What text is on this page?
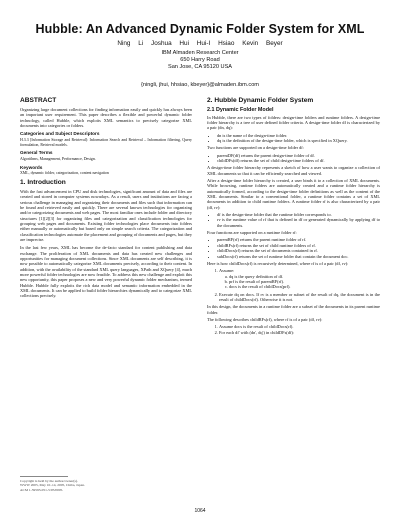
Hubble: An Advanced Dynamic Folder System for XML
Ning Li Joshua Hui Hui-I Hsiao Kevin Beyer
IBM Almaden Research Center
650 Harry Road
San Jose, CA 95120 USA
{ningli, jhui, hhsiao, kbeyer}@almaden.ibm.com
ABSTRACT

Organizing large document collections for finding information easily and quickly has always been an important user requirement. This paper describes a flexible and powerful dynamic folder technology, called Hubble, which exploits XML semantics to precisely categorize XML documents into categories or folders.

Categories and Subject Descriptors

H.3.3 [Information Storage and Retrieval]: Information Search and Retrieval – Information filtering, Query formulation, Retrieval models.

General Terms

Algorithms, Management, Performance, Design.

Keywords

XML, dynamic folder, categorization, content navigation

1. Introduction

With the fast advancement in CPU and disk technologies, significant amount of data and files are created and stored in computer systems nowadays. As a result, users and institutions are facing a serious challenge in managing and organizing their documents and files such that information can be found and retrieved easily and quickly. There are several known technologies for organizing and/or categorizing documents and web pages. The most familiar ones include folder and directory structures [1][2][3] for organizing files and categorization and classification technologies for grouping web pages and documents. Existing folder technologies place documents into folders either manually or automatically but based only on simple search criteria. The categorization and classification technologies automate the placement and grouping of documents and pages, but they are imprecise.

In the last few years, XML has become the de-facto standard for content publishing and data exchange. The proliferation of XML documents and data has created new challenges and opportunities for managing document collections. Since XML documents are self describing, it is now possible to automatically categorize XML documents precisely, according to their content. In addition, with the availability of the standard XML query languages, XPath and XQuery [4], much more powerful folder technologies are now feasible. To address this new challenge and exploit this new opportunity, this paper proposes a new and very powerful dynamic folder mechanism, termed Hubble. Hubble fully exploits the rich data model and semantic information embedded in the XML documents. It can be applied to build folder hierarchies dynamically and to categorize XML collections precisely.

Copyright is held by the author/owner(s).
WWW 2005, May 10–14, 2005, Chiba, Japan.
ACM 1-59593-051-5/05/0005.
2. Hubble Dynamic Folder System
2.1 Dynamic Folder Model

In Hubble, there are two types of folders: design-time folders and runtime folders. A design-time folder hierarchy is a tree of user defined folder criteria. A design-time folder df is characterized by a pair (dn, dq):

• dn is the name of the design-time folder.
• dq is the definition of the design-time folder, which is specified in XQuery.

Two functions are supported on a design-time folder df:

• parentDF(df) returns the parent design-time folder of df.
• childDFs(df) returns the set of child design-time folders of df.

A design-time folder hierarchy represents a sketch of how a user wants to organize a collection of XML documents so that it can be efficiently searched and viewed.

After a design-time folder hierarchy is created, a user binds it to a collection of XML documents. While browsing, runtime folders are automatically created and a runtime folder hierarchy is automatically formed, according to the design-time folder definitions as well as the content of the XML documents. Similar to a conventional folder, a runtime folder contains a set of XML documents in addition to child runtime folders. A runtime folder rf is also characterized by a pair (df, rv):

• df is the design-time folder that the runtime folder corresponds to.
• rv is the runtime value of rf that is defined in df or generated dynamically by applying df to the documents.

Four functions are supported on a runtime folder rf:

• parentRF(rf) returns the parent runtime folder of rf.
• childRFs(rf) returns the set of child runtime folders of rf.
• childDocs(rf) returns the set of documents contained in rf.
• subDocs(rf) returns the set of runtime folder that contain the document doc.

Here is how childDocs(rf) is recursively determined, where rf is of a pair (df, rv):

1. Assume:
a. dq is the query definition of df.
b. prf is the result of parentRF(rf).
c. docs is the result of childDocs(prf).
2. Execute dq on docs. If rv is a member or subset of the result of dq, the document is in the result of childDocs(rf). Otherwise it is not.

In this design, the documents in a runtime folder are a subset of the documents in its parent runtime folder.

The following describes childRFs(rf), where rf is of a pair (df, rv):

1. Assume docs is the result of childDocs(rf).
2. For each df' with (dn', dq') in childDFs(df):
1064
